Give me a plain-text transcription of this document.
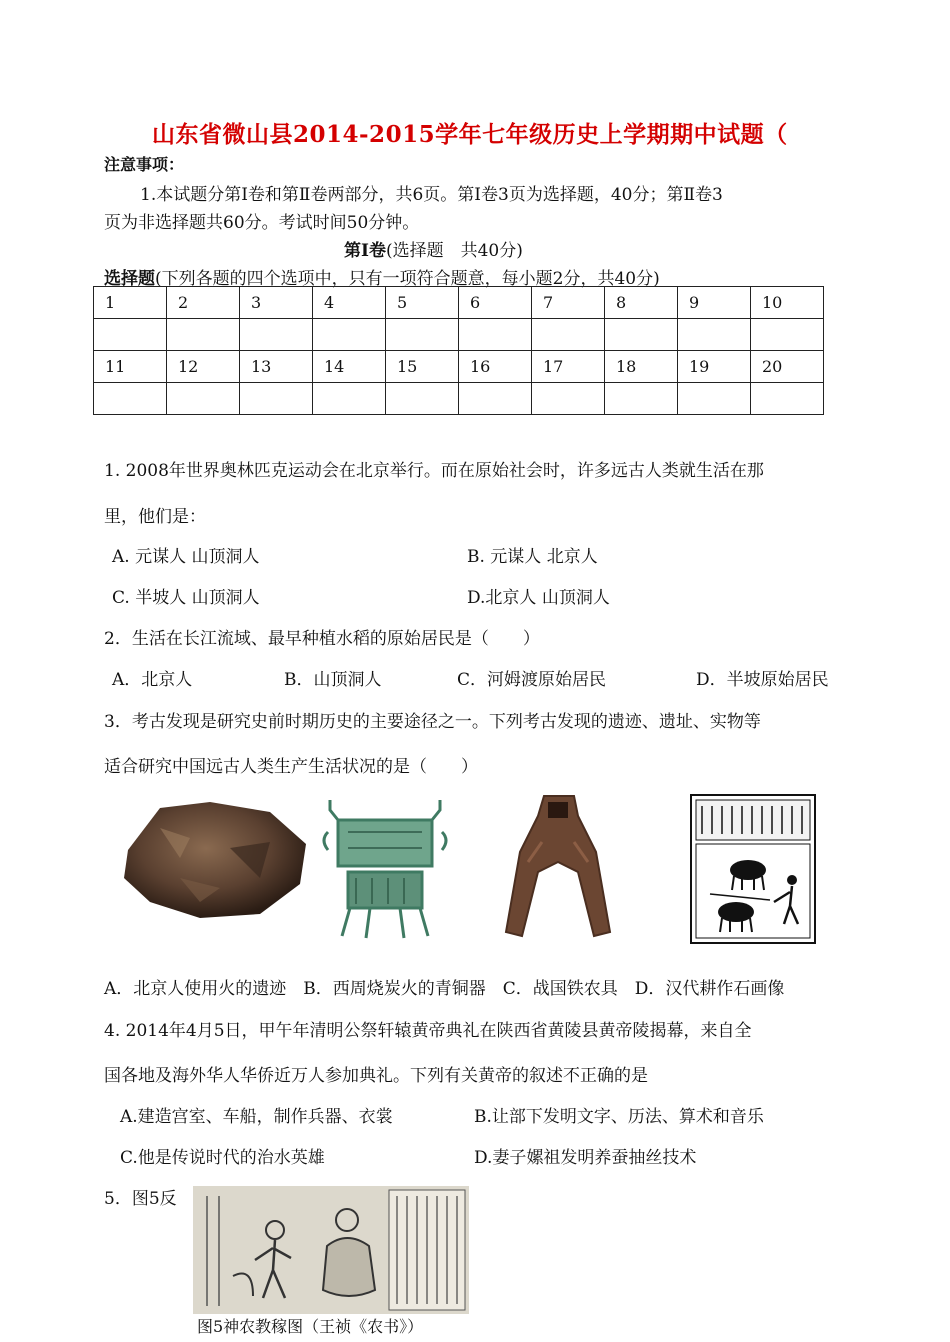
山东省微山县2014-2015学年七年级历史上学期期中试题（
注意事项：
1.本试题分第Ⅰ卷和第Ⅱ卷两部分，共6页。第Ⅰ卷3页为选择题，40分；第Ⅱ卷3
页为非选择题共60分。考试时间50分钟。
第Ⅰ卷(选择题　共40分)
选择题(下列各题的四个选项中，只有一项符合题意，每小题2分，共40分)
1	2	3	4	5	6	7	8	9	10

11	12	13	14	15	16	17	18	19	20

1. 2008年世界奥林匹克运动会在北京举行。而在原始社会时，许多远古人类就生活在那
里，他们是：
A. 元谋人 山顶洞人	B. 元谋人 北京人
C. 半坡人 山顶洞人	D.北京人 山顶洞人
2．生活在长江流域、最早种植水稻的原始居民是（　　）
A．北京人	B．山顶洞人	C．河姆渡原始居民	D．半坡原始居民
3．考古发现是研究史前时期历史的主要途径之一。下列考古发现的遗迹、遗址、实物等
适合研究中国远古人类生产生活状况的是（　　）
A．北京人使用火的遗迹　B．西周烧炭火的青铜器　C．战国铁农具　D．汉代耕作石画像
4. 2014年4月5日，甲午年清明公祭轩辕黄帝典礼在陕西省黄陵县黄帝陵揭幕，来自全
国各地及海外华人华侨近万人参加典礼。下列有关黄帝的叙述不正确的是
A.建造宫室、车船，制作兵器、衣裳	B.让部下发明文字、历法、算术和音乐
C.他是传说时代的治水英雄	D.妻子嫘祖发明养蚕抽丝技术
5．图5反
图5神农教稼图（王祯《农书》）
